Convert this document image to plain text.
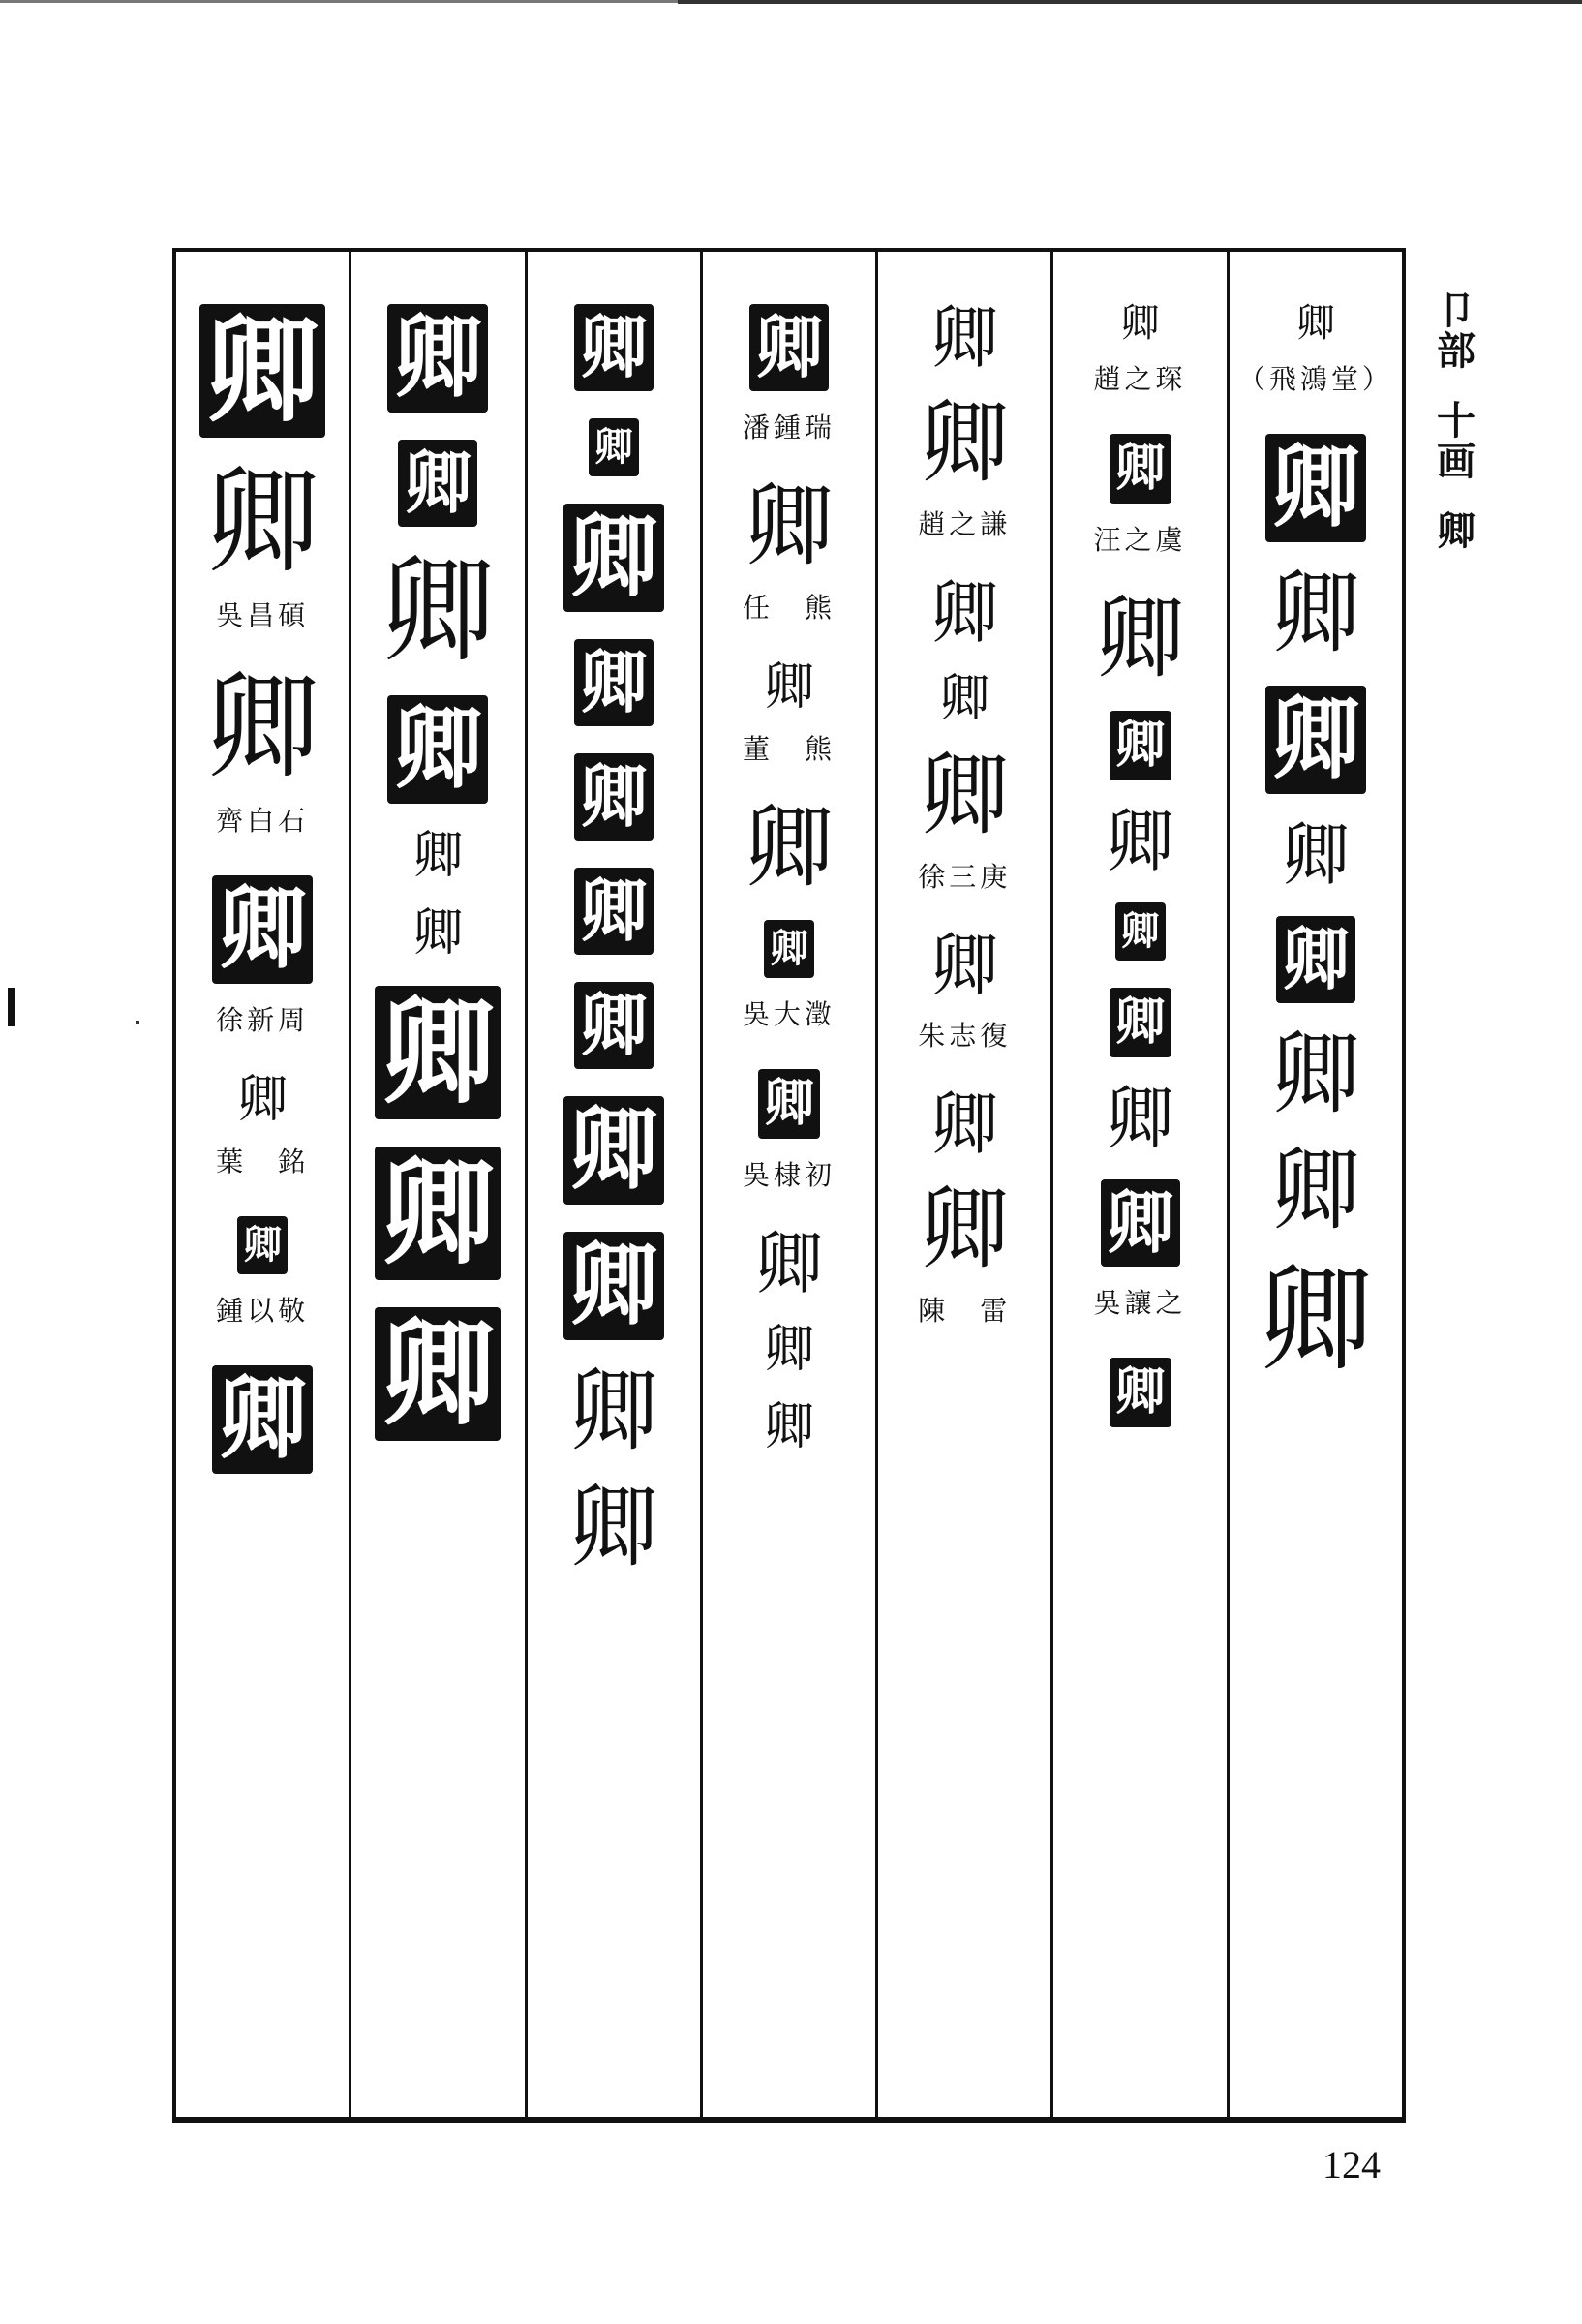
卿
卿
吳昌碩
卿
齊白石
卿
徐新周
卿
葉　銘
卿
鍾以敬
卿
卿
卿
卿
卿
卿
卿
卿
卿
卿
卿
卿
卿
卿
卿
卿
卿
卿
卿
卿
卿
卿
潘鍾瑞
卿
任　熊
卿
董　熊
卿
卿
吳大澂
卿
吳棣初
卿
卿
卿
卿
卿
趙之謙
卿
卿
卿
徐三庚
卿
朱志復
卿
卿
陳　雷
卿
趙之琛
卿
汪之虞
卿
卿
卿
卿
卿
卿
卿
吳讓之
卿
卿
（飛鴻堂）
卿
卿
卿
卿
卿
卿
卿
卿
卩
部
十
画
卿
124
